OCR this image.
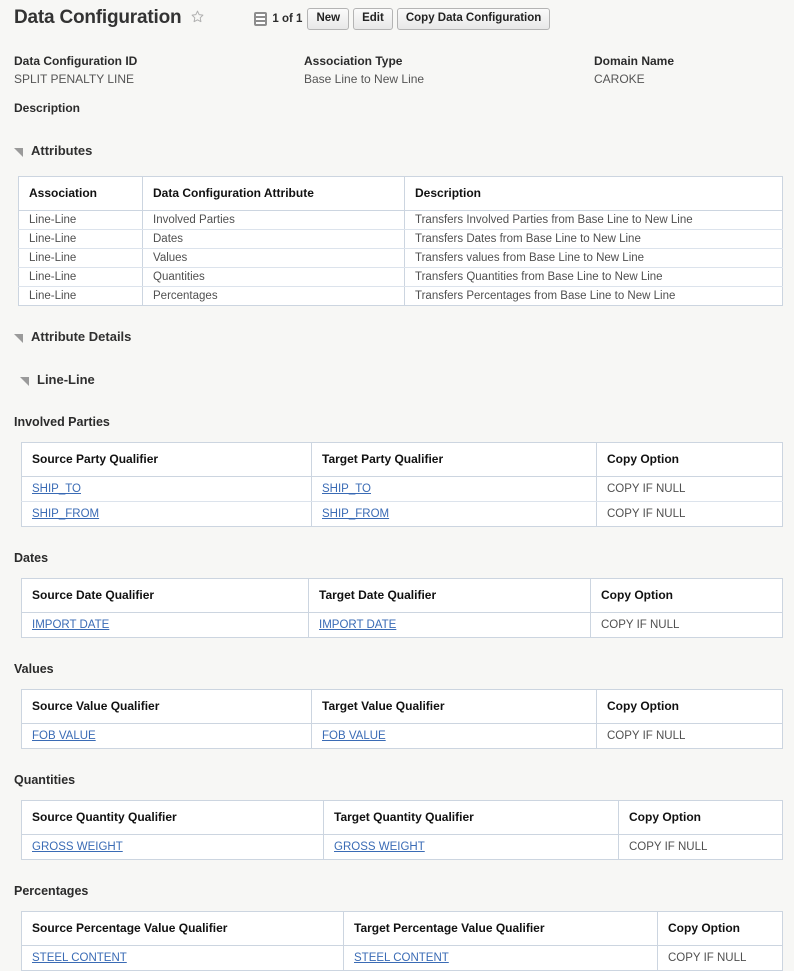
Data Configuration	1 of 1	New	Edit	Copy Data Configuration
Data Configuration ID
SPLIT PENALTY LINE
Association Type
Base Line to New Line
Domain Name
CAROKE
Description
Attributes
Association	Data Configuration Attribute	Description
Line-Line	Involved Parties	Transfers Involved Parties from Base Line to New Line
Line-Line	Dates	Transfers Dates from Base Line to New Line
Line-Line	Values	Transfers values from Base Line to New Line
Line-Line	Quantities	Transfers Quantities from Base Line to New Line
Line-Line	Percentages	Transfers Percentages from Base Line to New Line
Attribute Details
Line-Line
Involved Parties
Source Party Qualifier	Target Party Qualifier	Copy Option
SHIP_TO	SHIP_TO	COPY IF NULL
SHIP_FROM	SHIP_FROM	COPY IF NULL
Dates
Source Date Qualifier	Target Date Qualifier	Copy Option
IMPORT DATE	IMPORT DATE	COPY IF NULL
Values
Source Value Qualifier	Target Value Qualifier	Copy Option
FOB VALUE	FOB VALUE	COPY IF NULL
Quantities
Source Quantity Qualifier	Target Quantity Qualifier	Copy Option
GROSS WEIGHT	GROSS WEIGHT	COPY IF NULL
Percentages
Source Percentage Value Qualifier	Target Percentage Value Qualifier	Copy Option
STEEL CONTENT	STEEL CONTENT	COPY IF NULL
